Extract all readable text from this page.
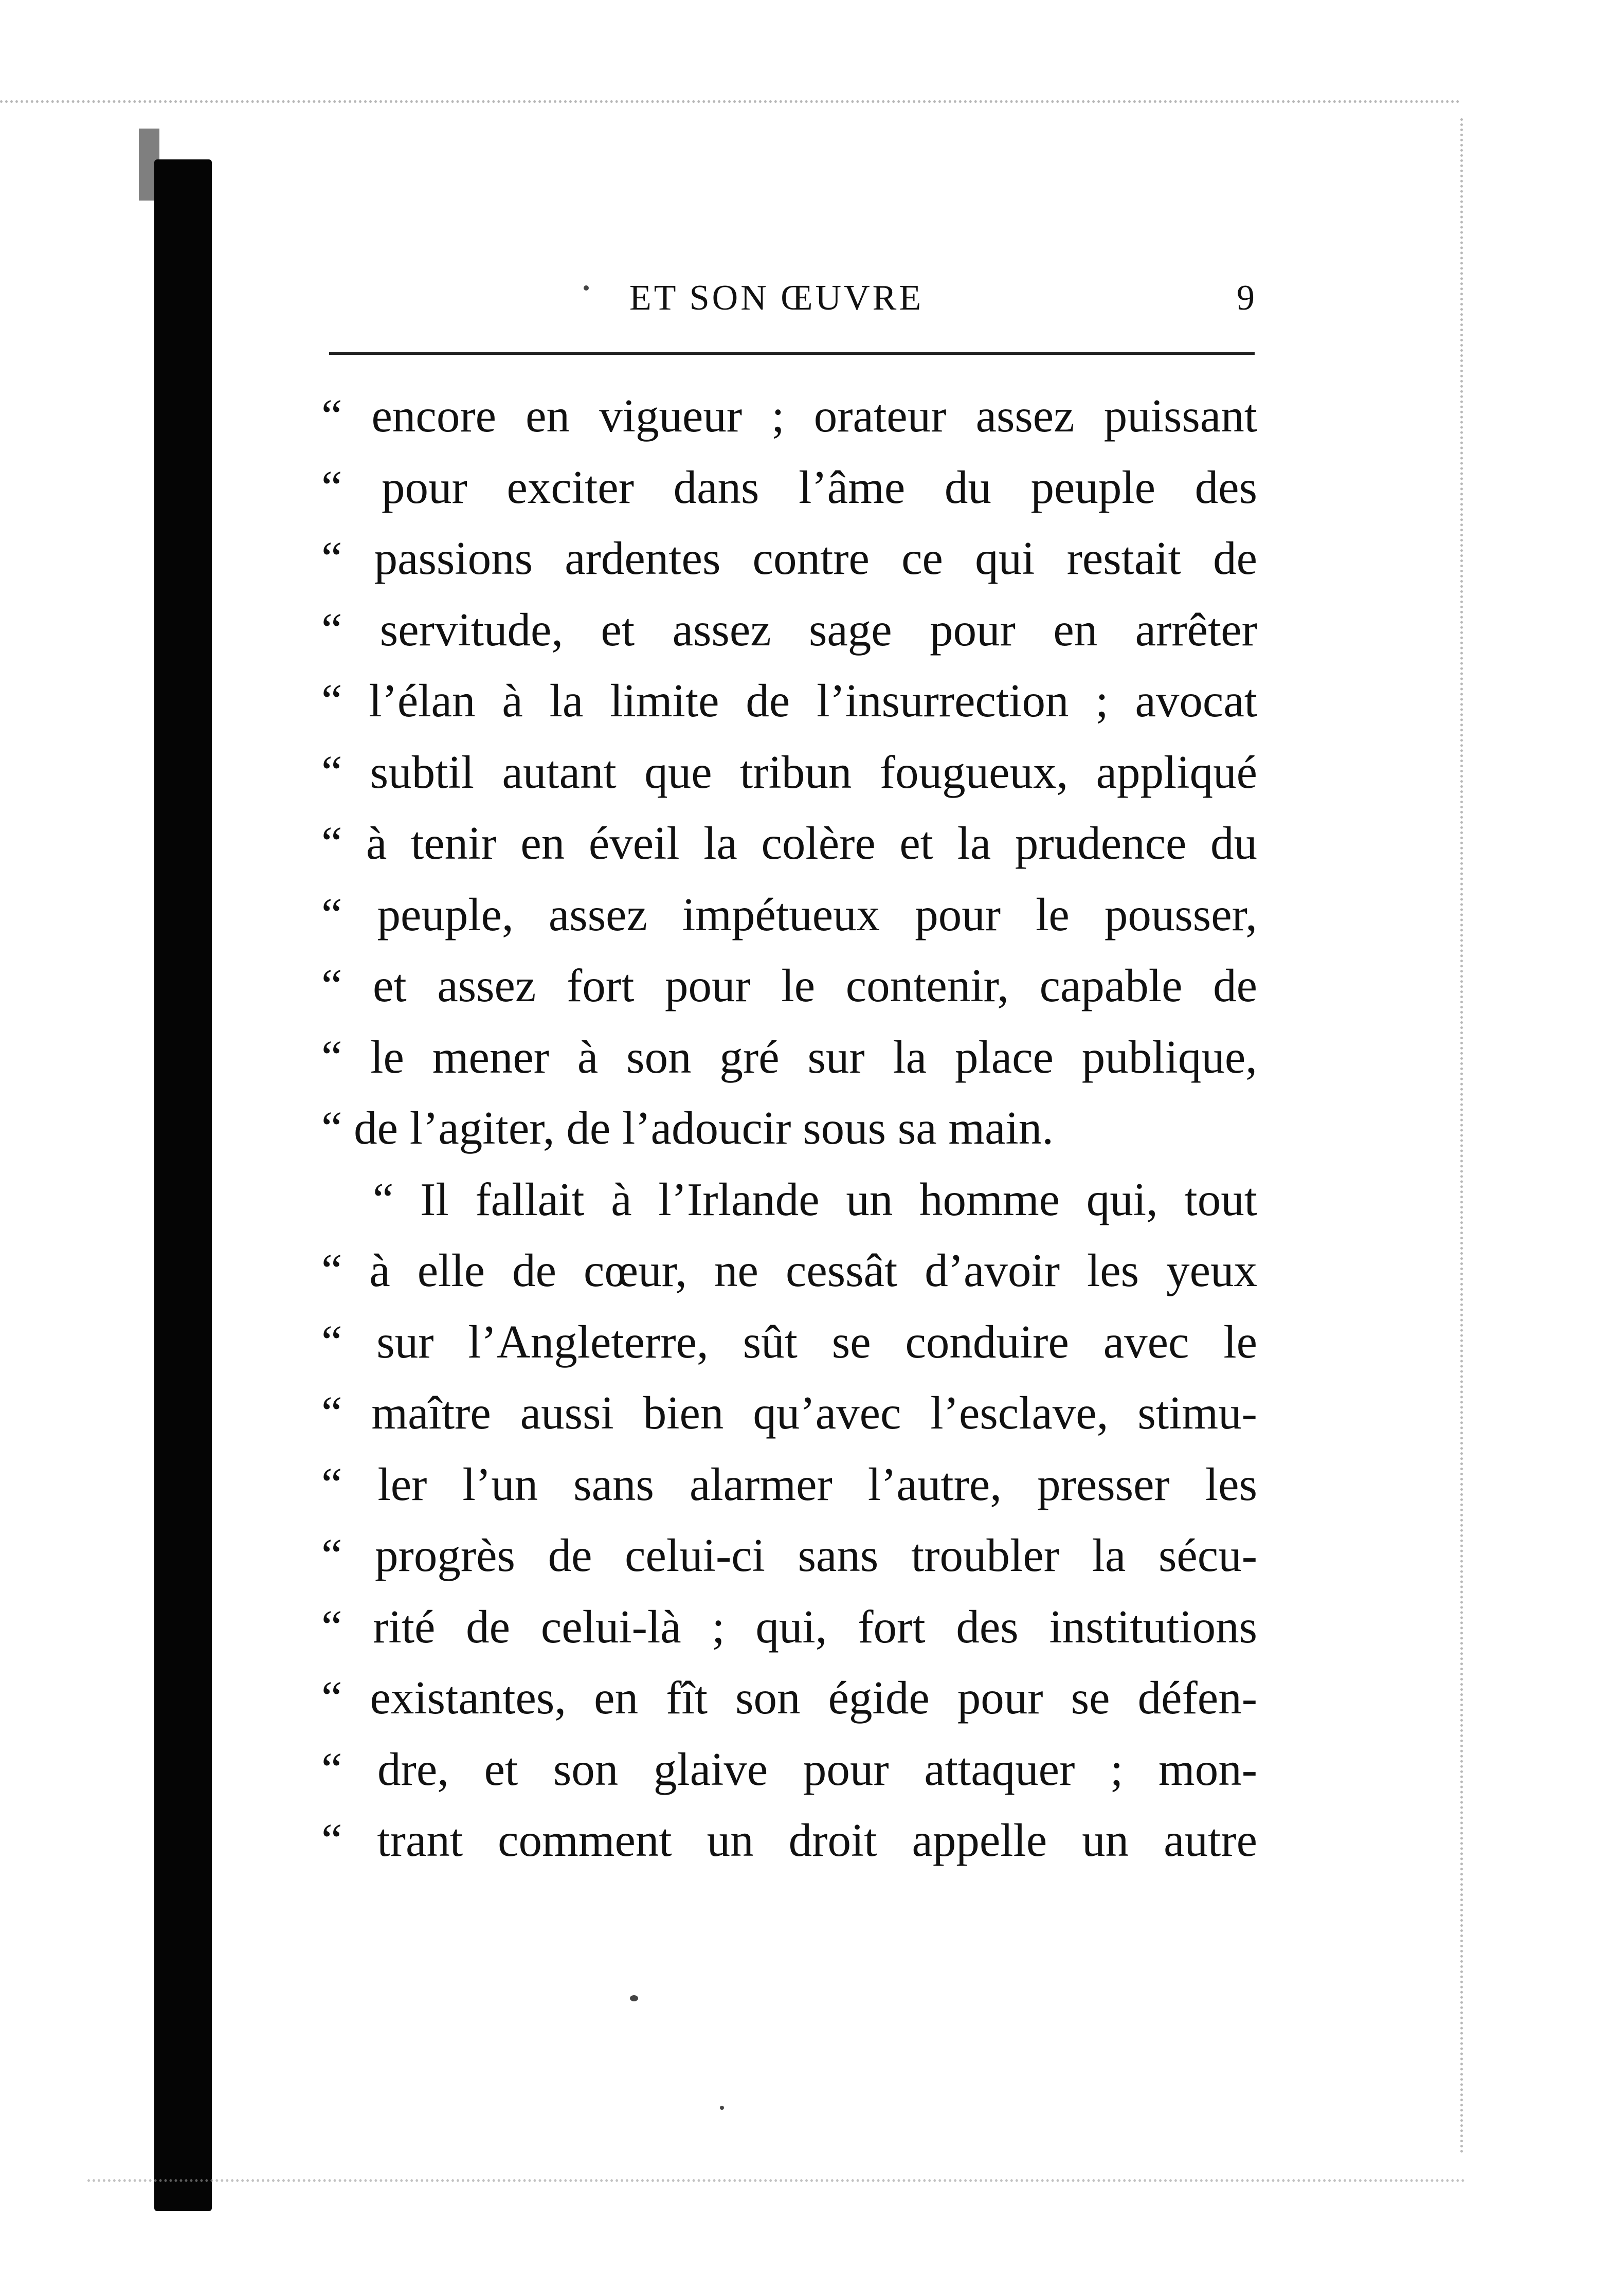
ET SON ŒUVRE	9
“ encore en vigueur ; orateur assez puissant
“ pour exciter dans l’âme du peuple des
“ passions ardentes contre ce qui restait de
“ servitude, et assez sage pour en arrêter
“ l’élan à la limite de l’insurrection ; avocat
“ subtil autant que tribun fougueux, appliqué
“ à tenir en éveil la colère et la prudence du
“ peuple, assez impétueux pour le pousser,
“ et assez fort pour le contenir, capable de
“ le mener à son gré sur la place publique,
“ de l’agiter, de l’adoucir sous sa main.
“ Il fallait à l’Irlande un homme qui, tout
“ à elle de cœur, ne cessât d’avoir les yeux
“ sur l’Angleterre, sût se conduire avec le
“ maître aussi bien qu’avec l’esclave, stimu-
“ ler l’un sans alarmer l’autre, presser les
“ progrès de celui-ci sans troubler la sécu-
“ rité de celui-là ; qui, fort des institutions
“ existantes, en fît son égide pour se défen-
“ dre, et son glaive pour attaquer ; mon-
“ trant comment un droit appelle un autre
